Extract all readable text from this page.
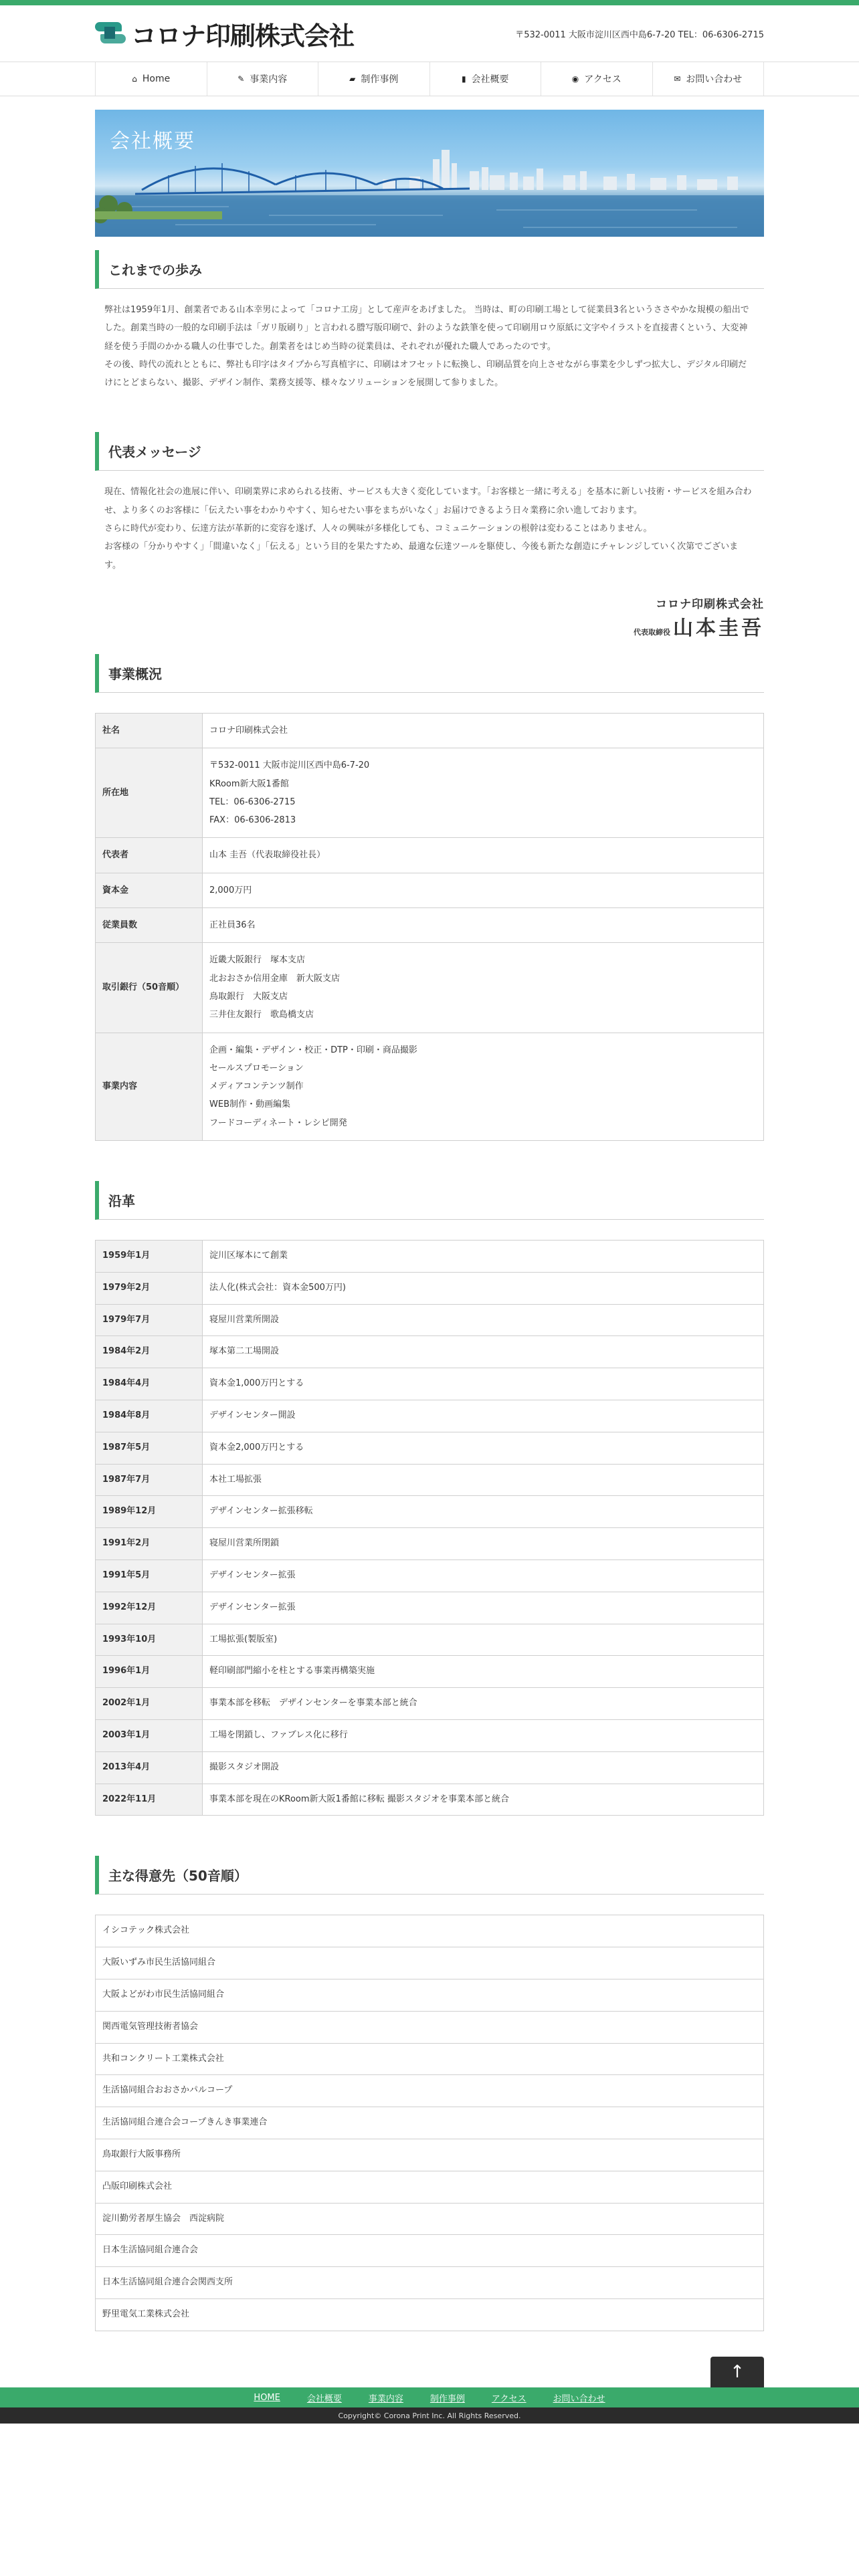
コロナ印刷株式会社	〒532-0011 大阪市淀川区西中島6-7-20 TEL：06-6306-2715
⌂ Home	✎ 事業内容	▰ 制作事例	▮ 会社概要	◉ アクセス	✉ お問い合わせ
会社概要
これまでの歩み

弊社は1959年1月、創業者である山本幸男によって「コロナ工房」として産声をあげました。 当時は、町の印刷工場として従業員3名というささやかな規模の船出でした。創業当時の一般的な印刷手法は「ガリ版刷り」と言われる謄写版印刷で、針のような鉄筆を使って印刷用ロウ原紙に文字やイラストを直接書くという、大変神経を使う手間のかかる職人の仕事でした。創業者をはじめ当時の従業員は、それぞれが優れた職人であったのです。

その後、時代の流れとともに、弊社も印字はタイプから写真植字に、印刷はオフセットに転換し、印刷品質を向上させながら事業を少しずつ拡大し、デジタル印刷だけにとどまらない、撮影、デザイン制作、業務支援等、様々なソリューションを展開して参りました。

代表メッセージ

現在、情報化社会の進展に伴い、印刷業界に求められる技術、サービスも大きく変化しています。「お客様と一緒に考える」を基本に新しい技術・サービスを組み合わせ、より多くのお客様に「伝えたい事をわかりやすく、知らせたい事をまちがいなく」お届けできるよう日々業務に余い進しております。

さらに時代が変わり、伝達方法が革新的に変容を遂げ、人々の興味が多様化しても、コミュニケーションの根幹は変わることはありません。

お客様の「分かりやすく」「間違いなく」「伝える」という目的を果たすため、最適な伝達ツールを駆使し、今後も新たな創造にチャレンジしていく次第でございます。

コロナ印刷株式会社
代表取締役 山本圭吾
事業概況
社名	コロナ印刷株式会社

所在地	〒532-0011 大阪市淀川区西中島6-7-20
KRoom新大阪1番館
TEL：06-6306-2715
FAX：06-6306-2813

代表者	山本 圭吾（代表取締役社長）

資本金	2,000万円

従業員数	正社員36名

取引銀行（50音順）	近畿大阪銀行　塚本支店
北おおさか信用金庫　新大阪支店
鳥取銀行　大阪支店
三井住友銀行　歌島橋支店

事業内容	企画・編集・デザイン・校正・DTP・印刷・商品撮影
セールスプロモーション
メディアコンテンツ制作
WEB制作・動画編集
フードコーディネート・レシピ開発
沿革
1959年1月	淀川区塚本にて創業
1979年2月	法人化(株式会社：資本金500万円)
1979年7月	寝屋川営業所開設
1984年2月	塚本第二工場開設
1984年4月	資本金1,000万円とする
1984年8月	デザインセンター開設
1987年5月	資本金2,000万円とする
1987年7月	本社工場拡張
1989年12月	デザインセンター拡張移転
1991年2月	寝屋川営業所閉鎖
1991年5月	デザインセンター拡張
1992年12月	デザインセンター拡張
1993年10月	工場拡張(製版室)
1996年1月	軽印刷部門縮小を柱とする事業再構築実施
2002年1月	事業本部を移転　デザインセンターを事業本部と統合
2003年1月	工場を閉鎖し、ファブレス化に移行
2013年4月	撮影スタジオ開設
2022年11月	事業本部を現在のKRoom新大阪1番館に移転 撮影スタジオを事業本部と統合
主な得意先（50音順）
イシコテック株式会社
大阪いずみ市民生活協同組合
大阪よどがわ市民生活協同組合
関西電気管理技術者協会
共和コンクリート工業株式会社
生活協同組合おおさかパルコープ
生活協同組合連合会コープきんき事業連合
鳥取銀行大阪事務所
凸版印刷株式会社
淀川勤労者厚生協会　西淀病院
日本生活協同組合連合会
日本生活協同組合連合会関西支所
野里電気工業株式会社
↑
HOME	会社概要	事業内容	制作事例	アクセス	お問い合わせ
Copyright© Corona Print Inc. All Rights Reserved.
